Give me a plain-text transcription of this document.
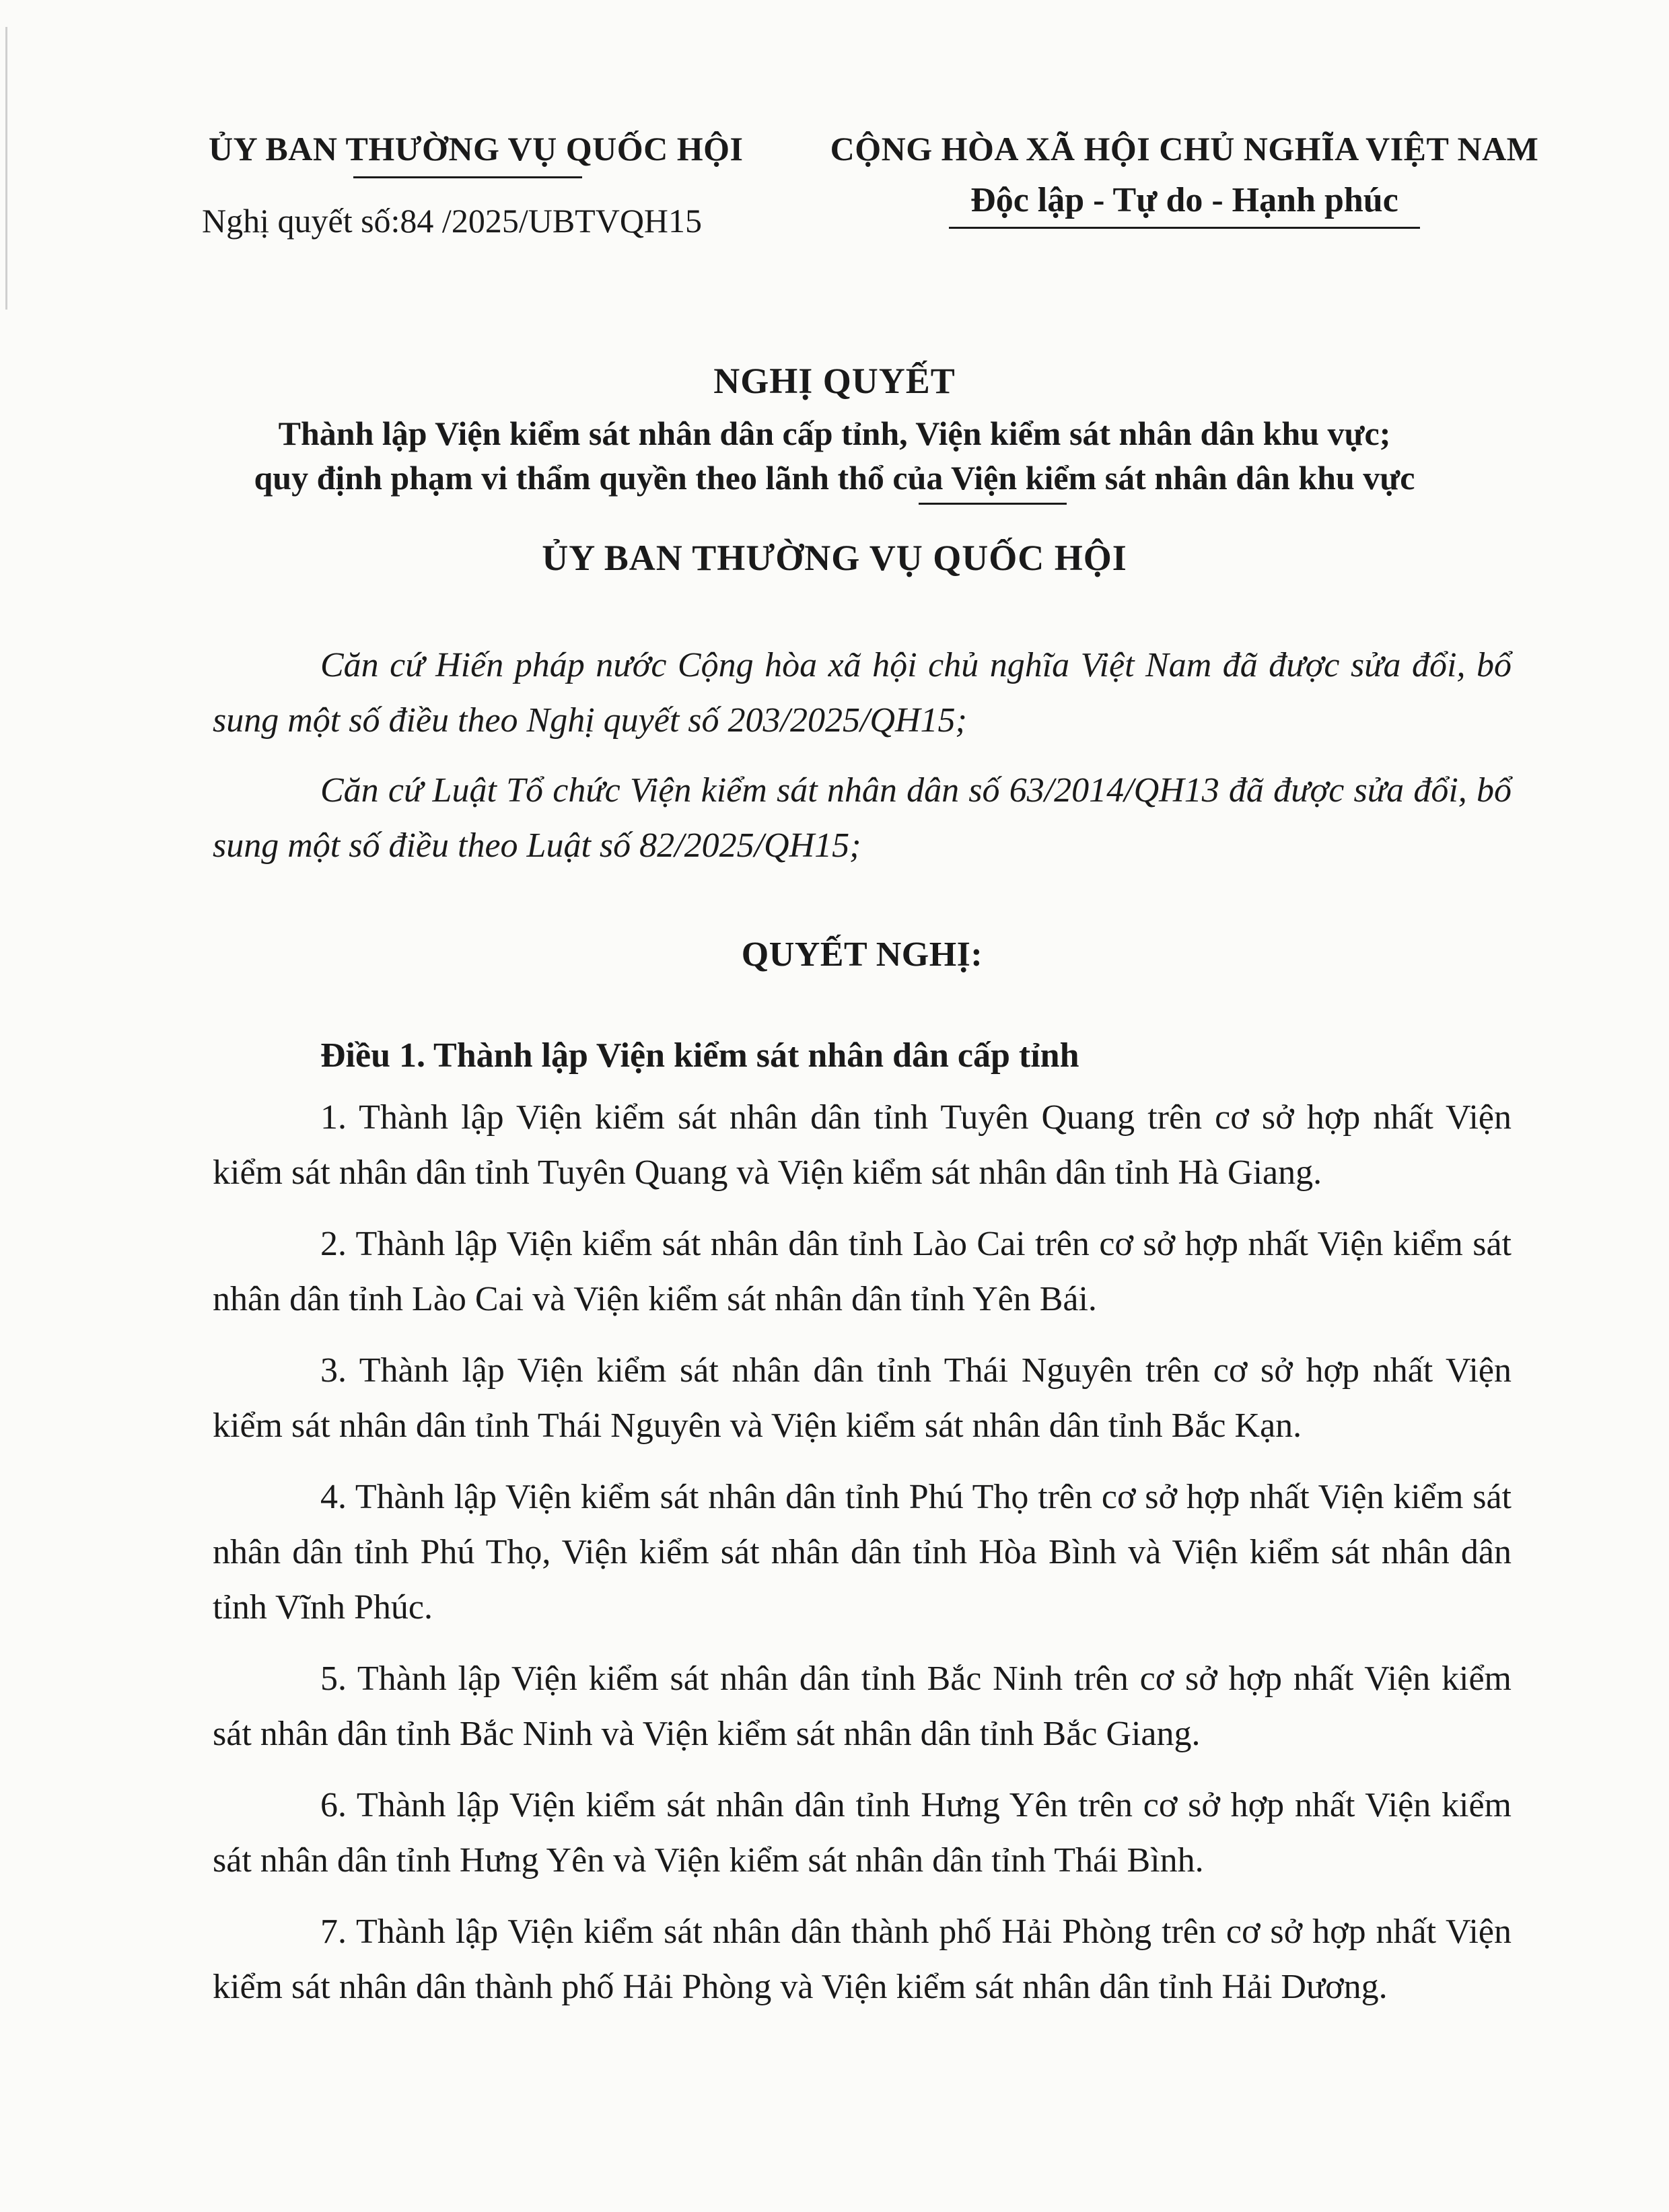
ỦY BAN THƯỜNG VỤ QUỐC HỘI
Nghị quyết số:84 /2025/UBTVQH15
CỘNG HÒA XÃ HỘI CHỦ NGHĨA VIỆT NAM
Độc lập - Tự do - Hạnh phúc
NGHỊ QUYẾT
Thành lập Viện kiểm sát nhân dân cấp tỉnh, Viện kiểm sát nhân dân khu vực;
quy định phạm vi thẩm quyền theo lãnh thổ của Viện kiểm sát nhân dân khu vực
ỦY BAN THƯỜNG VỤ QUỐC HỘI

Căn cứ Hiến pháp nước Cộng hòa xã hội chủ nghĩa Việt Nam đã được sửa đổi, bổ sung một số điều theo Nghị quyết số 203/2025/QH15;

Căn cứ Luật Tổ chức Viện kiểm sát nhân dân số 63/2014/QH13 đã được sửa đổi, bổ sung một số điều theo Luật số 82/2025/QH15;

QUYẾT NGHỊ:

Điều 1. Thành lập Viện kiểm sát nhân dân cấp tỉnh

1. Thành lập Viện kiểm sát nhân dân tỉnh Tuyên Quang trên cơ sở hợp nhất Viện kiểm sát nhân dân tỉnh Tuyên Quang và Viện kiểm sát nhân dân tỉnh Hà Giang.

2. Thành lập Viện kiểm sát nhân dân tỉnh Lào Cai trên cơ sở hợp nhất Viện kiểm sát nhân dân tỉnh Lào Cai và Viện kiểm sát nhân dân tỉnh Yên Bái.

3. Thành lập Viện kiểm sát nhân dân tỉnh Thái Nguyên trên cơ sở hợp nhất Viện kiểm sát nhân dân tỉnh Thái Nguyên và Viện kiểm sát nhân dân tỉnh Bắc Kạn.

4. Thành lập Viện kiểm sát nhân dân tỉnh Phú Thọ trên cơ sở hợp nhất Viện kiểm sát nhân dân tỉnh Phú Thọ, Viện kiểm sát nhân dân tỉnh Hòa Bình và Viện kiểm sát nhân dân tỉnh Vĩnh Phúc.

5. Thành lập Viện kiểm sát nhân dân tỉnh Bắc Ninh trên cơ sở hợp nhất Viện kiểm sát nhân dân tỉnh Bắc Ninh và Viện kiểm sát nhân dân tỉnh Bắc Giang.

6. Thành lập Viện kiểm sát nhân dân tỉnh Hưng Yên trên cơ sở hợp nhất Viện kiểm sát nhân dân tỉnh Hưng Yên và Viện kiểm sát nhân dân tỉnh Thái Bình.

7. Thành lập Viện kiểm sát nhân dân thành phố Hải Phòng trên cơ sở hợp nhất Viện kiểm sát nhân dân thành phố Hải Phòng và Viện kiểm sát nhân dân tỉnh Hải Dương.
